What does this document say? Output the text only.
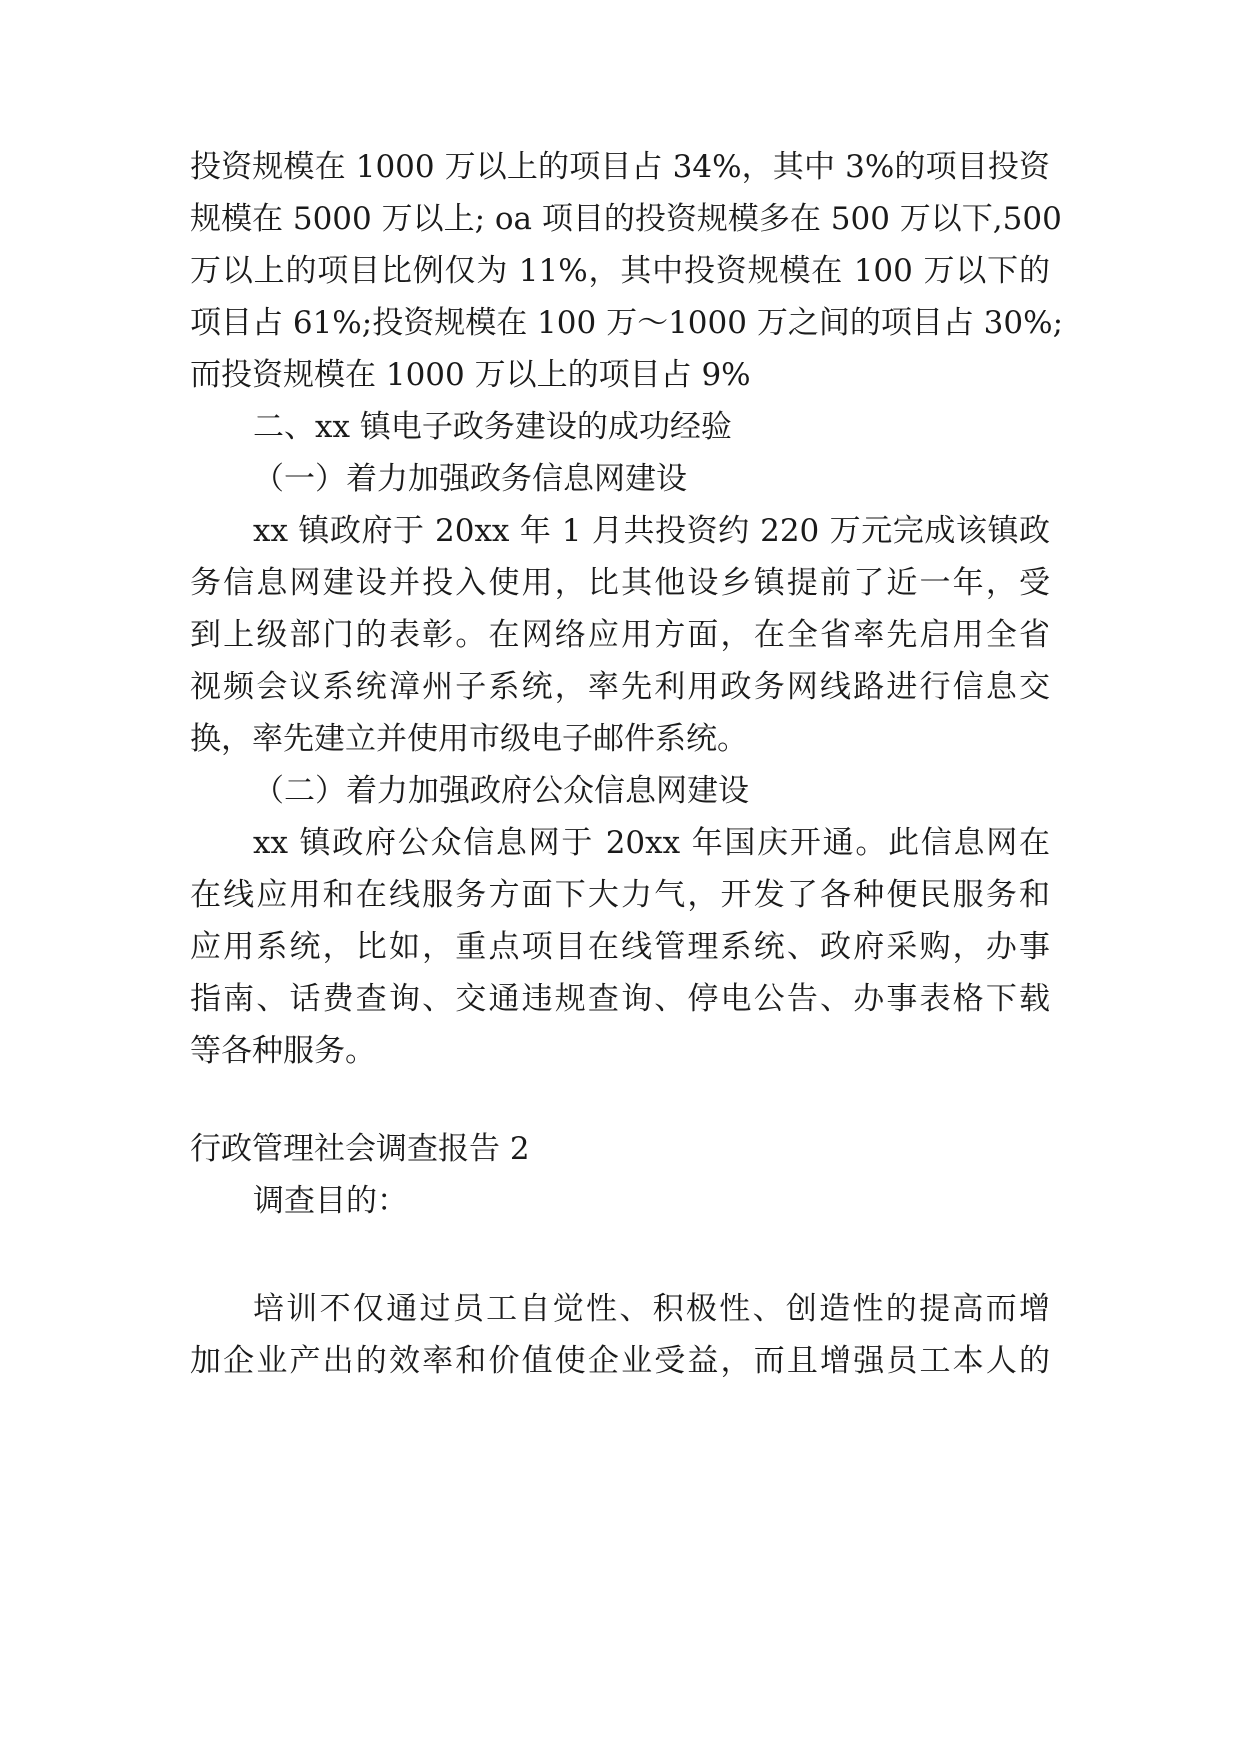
投资规模在 1000 万以上的项目占 34%，其中 3%的项目投资
规模在 5000 万以上; oa 项目的投资规模多在 500 万以下,500
万以上的项目比例仅为 11%，其中投资规模在 100 万以下的
项目占 61%;投资规模在 100 万～1000 万之间的项目占 30%;
而投资规模在 1000 万以上的项目占 9%
二、xx 镇电子政务建设的成功经验
（一）着力加强政务信息网建设
xx 镇政府于 20xx 年 1 月共投资约 220 万元完成该镇政
务信息网建设并投入使用，比其他设乡镇提前了近一年，受
到上级部门的表彰。在网络应用方面，在全省率先启用全省
视频会议系统漳州子系统，率先利用政务网线路进行信息交
换，率先建立并使用市级电子邮件系统。
（二）着力加强政府公众信息网建设
xx 镇政府公众信息网于 20xx 年国庆开通。此信息网在
在线应用和在线服务方面下大力气，开发了各种便民服务和
应用系统，比如，重点项目在线管理系统、政府采购，办事
指南、话费查询、交通违规查询、停电公告、办事表格下载
等各种服务。
行政管理社会调查报告 2
调查目的：
培训不仅通过员工自觉性、积极性、创造性的提高而增
加企业产出的效率和价值使企业受益，而且增强员工本人的
